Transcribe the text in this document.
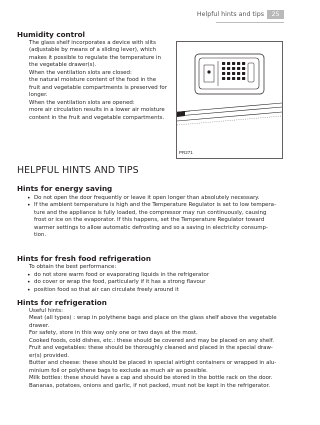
Helpful hints and tips	25
Humidity control
The glass shelf incorporates a device with slits
(adjustable by means of a sliding lever), which
makes it possible to regulate the temperature in
the vegetable drawer(s).
When the ventilation slots are closed:
the natural moisture content of the food in the
fruit and vegetable compartments is preserved for
longer.
When the ventilation slots are opened:
more air circulation results in a lower air moisture
content in the fruit and vegetable compartments.
PR271
HELPFUL HINTS AND TIPS
Hints for energy saving
• Do not open the door frequently or leave it open longer than absolutely necessary.
• If the ambient temperature is high and the Temperature Regulator is set to low tempera-
ture and the appliance is fully loaded, the compressor may run continuously, causing
frost or ice on the evaporator. If this happens, set the Temperature Regulator toward
warmer settings to allow automatic defrosting and so a saving in electricity consump-
tion.
Hints for fresh food refrigeration

To obtain the best performance:

• do not store warm food or evaporating liquids in the refrigerator
• do cover or wrap the food, particularly if it has a strong flavour
• position food so that air can circulate freely around it
Hints for refrigeration
Useful hints:
Meat (all types) : wrap in polythene bags and place on the glass shelf above the vegetable
drawer.
For safety, store in this way only one or two days at the most.
Cooked foods, cold dishes, etc.: these should be covered and may be placed on any shelf.
Fruit and vegetables: these should be thoroughly cleaned and placed in the special draw-
er(s) provided.
Butter and cheese: these should be placed in special airtight containers or wrapped in alu-
minium foil or polythene bags to exclude as much air as possible.
Milk bottles: these should have a cap and should be stored in the bottle rack on the door.
Bananas, potatoes, onions and garlic, if not packed, must not be kept in the refrigerator.
